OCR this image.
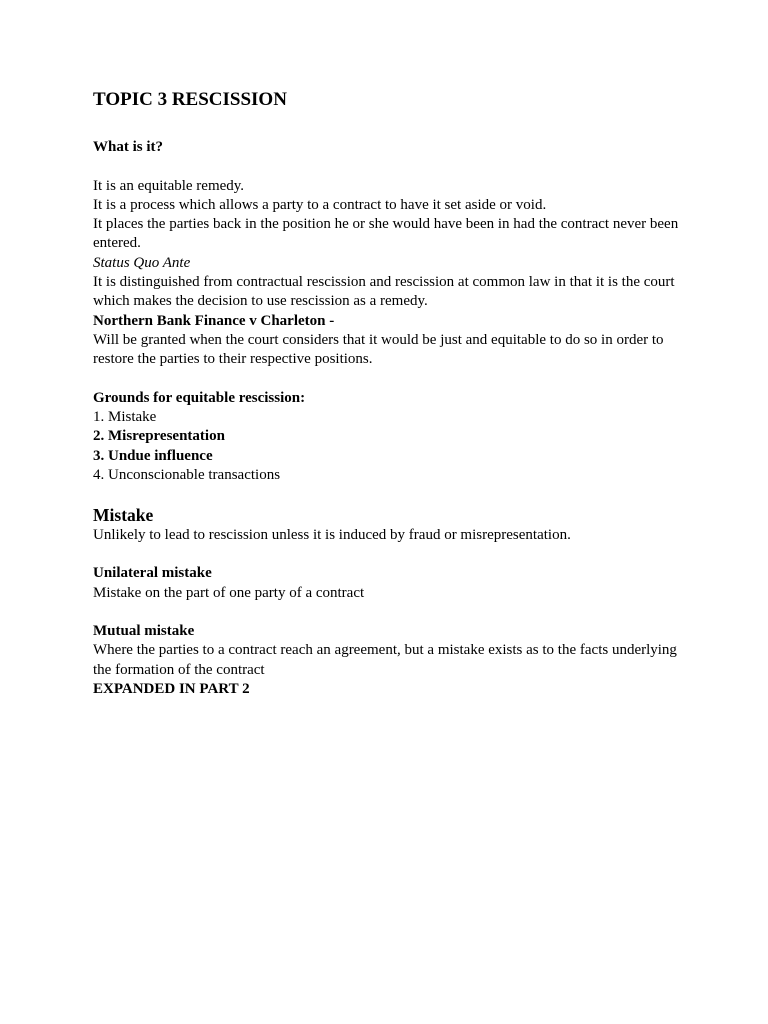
TOPIC 3 RESCISSION

What is it?

It is an equitable remedy.

It is a process which allows a party to a contract to have it set aside or void.

It places the parties back in the position he or she would have been in had the contract never been entered.

Status Quo Ante

It is distinguished from contractual rescission and rescission at common law in that it is the court which makes the decision to use rescission as a remedy.

Northern Bank Finance v Charleton -

Will be granted when the court considers that it would be just and equitable to do so in order to restore the parties to their respective positions.

Grounds for equitable rescission:

1. Mistake

2. Misrepresentation

3. Undue influence

4. Unconscionable transactions

Mistake

Unlikely to lead to rescission unless it is induced by fraud or misrepresentation.

Unilateral mistake

Mistake on the part of one party of a contract

Mutual mistake

Where the parties to a contract reach an agreement, but a mistake exists as to the facts underlying the formation of the contract

EXPANDED IN PART 2
